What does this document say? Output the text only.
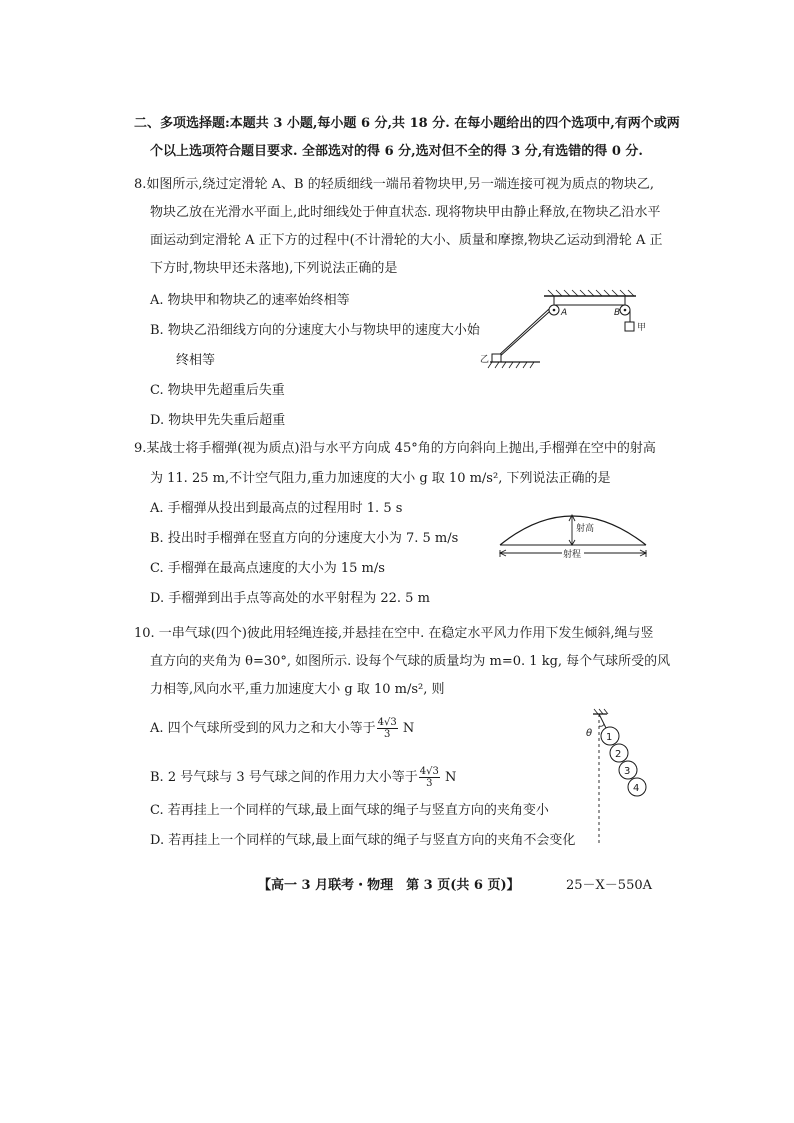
二、多项选择题:本题共 3 小题,每小题 6 分,共 18 分. 在每小题给出的四个选项中,有两个或两
个以上选项符合题目要求. 全部选对的得 6 分,选对但不全的得 3 分,有选错的得 0 分.
8.如图所示,绕过定滑轮 A、B 的轻质细线一端吊着物块甲,另一端连接可视为质点的物块乙,
物块乙放在光滑水平面上,此时细线处于伸直状态. 现将物块甲由静止释放,在物块乙沿水平
面运动到定滑轮 A 正下方的过程中(不计滑轮的大小、质量和摩擦,物块乙运动到滑轮 A 正
下方时,物块甲还未落地),下列说法正确的是
A. 物块甲和物块乙的速率始终相等
B. 物块乙沿细线方向的分速度大小与物块甲的速度大小始
终相等
C. 物块甲先超重后失重
D. 物块甲先失重后超重
A	B
甲
乙
9.某战士将手榴弹(视为质点)沿与水平方向成 45°角的方向斜向上抛出,手榴弹在空中的射高
为 11. 25 m,不计空气阻力,重力加速度的大小 g 取 10 m/s², 下列说法正确的是
A. 手榴弹从投出到最高点的过程用时 1. 5 s
B. 投出时手榴弹在竖直方向的分速度大小为 7. 5 m/s
C. 手榴弹在最高点速度的大小为 15 m/s
D. 手榴弹到出手点等高处的水平射程为 22. 5 m
射高
射程
10. 一串气球(四个)彼此用轻绳连接,并悬挂在空中. 在稳定水平风力作用下发生倾斜,绳与竖
直方向的夹角为 θ=30°, 如图所示. 设每个气球的质量均为 m=0. 1 kg, 每个气球所受的风
力相等,风向水平,重力加速度大小 g 取 10 m/s², 则
A. 四个气球所受到的风力之和大小等于 $\frac{4√3}{3}$ N
B. 2 号气球与 3 号气球之间的作用力大小等于 $\frac{4√3}{3}$ N
C. 若再挂上一个同样的气球,最上面气球的绳子与竖直方向的夹角变小
D. 若再挂上一个同样的气球,最上面气球的绳子与竖直方向的夹角不会变化
θ 1
2
3
4
【高一 3 月联考・物理　第 3 页(共 6 页)】	25－X－550A
